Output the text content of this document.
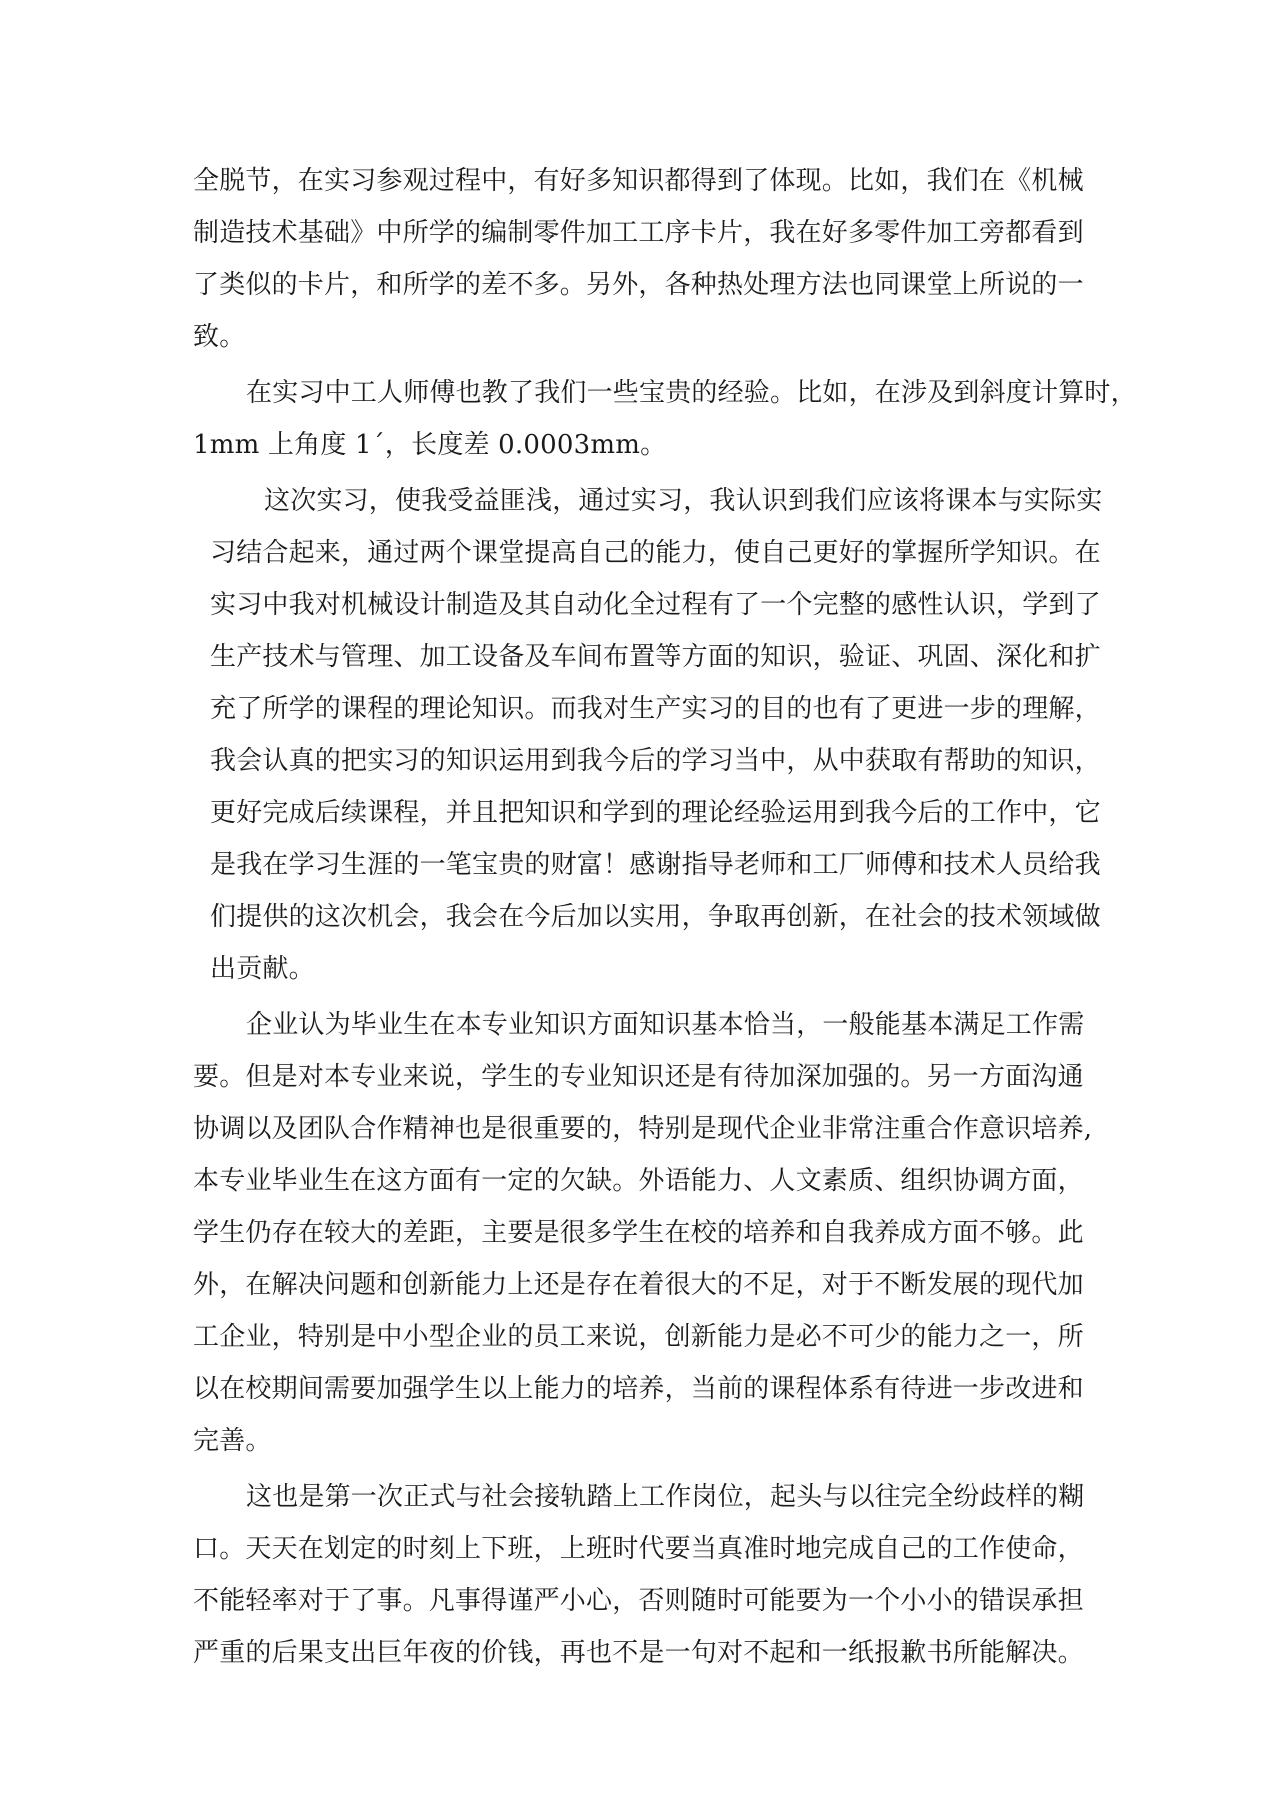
全脱节，在实习参观过程中，有好多知识都得到了体现。比如，我们在《机械
制造技术基础》中所学的编制零件加工工序卡片，我在好多零件加工旁都看到
了类似的卡片，和所学的差不多。另外，各种热处理方法也同课堂上所说的一
致。
在实习中工人师傅也教了我们一些宝贵的经验。比如，在涉及到斜度计算时，
1mm 上角度 1´，长度差 0.0003mm。
这次实习，使我受益匪浅，通过实习，我认识到我们应该将课本与实际实
习结合起来，通过两个课堂提高自己的能力，使自己更好的掌握所学知识。在
实习中我对机械设计制造及其自动化全过程有了一个完整的感性认识，学到了
生产技术与管理、加工设备及车间布置等方面的知识，验证、巩固、深化和扩
充了所学的课程的理论知识。而我对生产实习的目的也有了更进一步的理解，
我会认真的把实习的知识运用到我今后的学习当中，从中获取有帮助的知识，
更好完成后续课程，并且把知识和学到的理论经验运用到我今后的工作中，它
是我在学习生涯的一笔宝贵的财富！感谢指导老师和工厂师傅和技术人员给我
们提供的这次机会，我会在今后加以实用，争取再创新，在社会的技术领域做
出贡献。
企业认为毕业生在本专业知识方面知识基本恰当，一般能基本满足工作需
要。但是对本专业来说，学生的专业知识还是有待加深加强的。另一方面沟通
协调以及团队合作精神也是很重要的，特别是现代企业非常注重合作意识培养,
本专业毕业生在这方面有一定的欠缺。外语能力、人文素质、组织协调方面，
学生仍存在较大的差距，主要是很多学生在校的培养和自我养成方面不够。此
外，在解决问题和创新能力上还是存在着很大的不足，对于不断发展的现代加
工企业，特别是中小型企业的员工来说，创新能力是必不可少的能力之一，所
以在校期间需要加强学生以上能力的培养，当前的课程体系有待进一步改进和
完善。
这也是第一次正式与社会接轨踏上工作岗位，起头与以往完全纷歧样的糊
口。天天在划定的时刻上下班，上班时代要当真准时地完成自己的工作使命，
不能轻率对于了事。凡事得谨严小心，否则随时可能要为一个小小的错误承担
严重的后果支出巨年夜的价钱，再也不是一句对不起和一纸报歉书所能解决。
